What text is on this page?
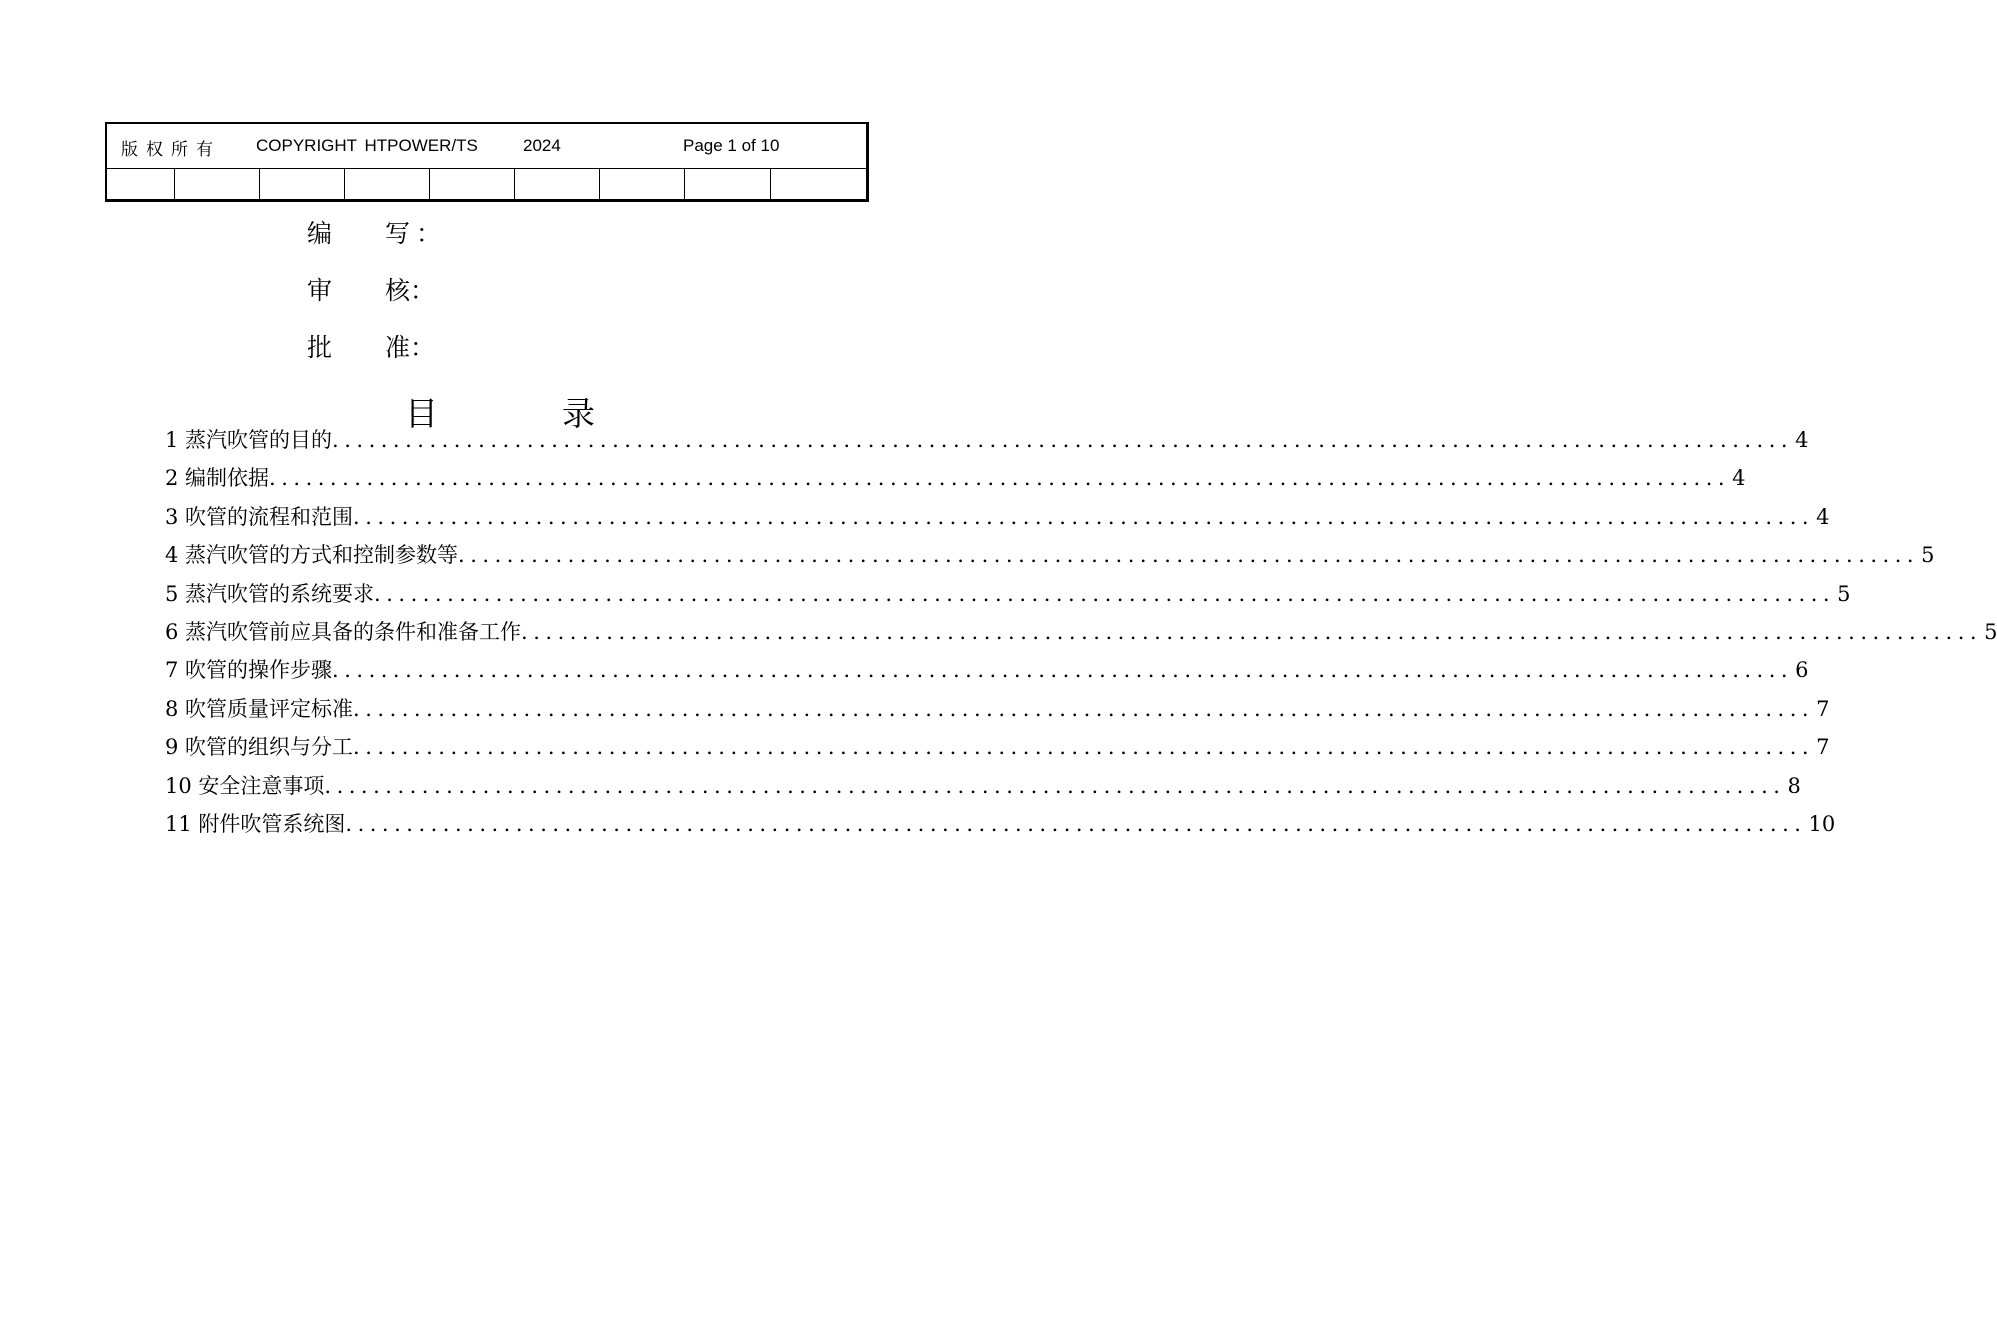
版权所有 COPYRIGHT HTPOWER/TS	2024	Page 1 of 10
编	写 ：
审	核 ：
批	准 ：
目	录
1 蒸汽吹管的目的 ........................................................................................................................ 4
2 编制依据 ........................................................................................................................ 4
3 吹管的流程和范围 ........................................................................................................................ 4
4 蒸汽吹管的方式和控制参数等 ........................................................................................................................ 5
5 蒸汽吹管的系统要求 ........................................................................................................................ 5
6 蒸汽吹管前应具备的条件和准备工作 ........................................................................................................................ 5
7 吹管的操作步骤 ........................................................................................................................ 6
8 吹管质量评定标准 ........................................................................................................................ 7
9 吹管的组织与分工 ........................................................................................................................ 7
10 安全注意事项 ........................................................................................................................ 8
11 附件吹管系统图 ........................................................................................................................ 10
